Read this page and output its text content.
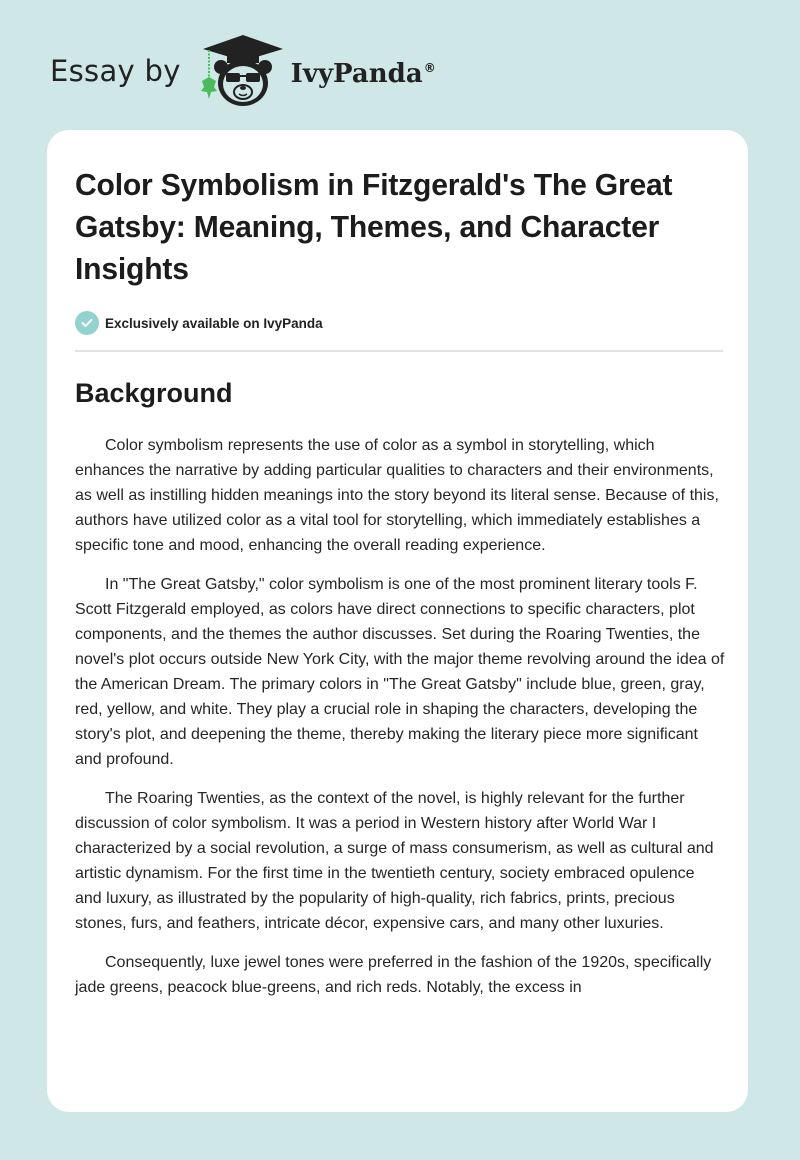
Essay by	IvyPanda®
Color Symbolism in Fitzgerald's The Great Gatsby: Meaning, Themes, and Character Insights
Exclusively available on IvyPanda
Background

Color symbolism represents the use of color as a symbol in storytelling, which enhances the narrative by adding particular qualities to characters and their environments, as well as instilling hidden meanings into the story beyond its literal sense. Because of this, authors have utilized color as a vital tool for storytelling, which immediately establishes a specific tone and mood, enhancing the overall reading experience.

In "The Great Gatsby," color symbolism is one of the most prominent literary tools F. Scott Fitzgerald employed, as colors have direct connections to specific characters, plot components, and the themes the author discusses. Set during the Roaring Twenties, the novel's plot occurs outside New York City, with the major theme revolving around the idea of the American Dream. The primary colors in "The Great Gatsby" include blue, green, gray, red, yellow, and white. They play a crucial role in shaping the characters, developing the story's plot, and deepening the theme, thereby making the literary piece more significant and profound.

The Roaring Twenties, as the context of the novel, is highly relevant for the further discussion of color symbolism. It was a period in Western history after World War I characterized by a social revolution, a surge of mass consumerism, as well as cultural and artistic dynamism. For the first time in the twentieth century, society embraced opulence and luxury, as illustrated by the popularity of high-quality, rich fabrics, prints, precious stones, furs, and feathers, intricate décor, expensive cars, and many other luxuries.

Consequently, luxe jewel tones were preferred in the fashion of the 1920s, specifically jade greens, peacock blue-greens, and rich reds. Notably, the excess in
